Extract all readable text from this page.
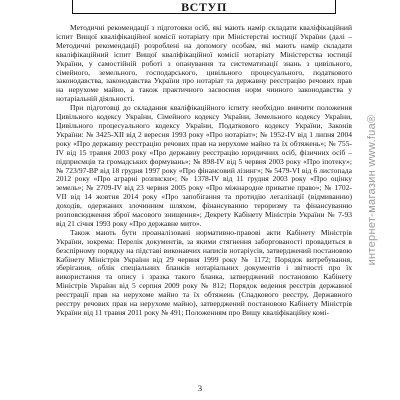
ВСТУП

Методичні рекомендації з підготовки осіб, які мають намір складати кваліфікаційний іспит Вищої кваліфікаційної комісії нотаріату при Міністерстві юстиції України (далі – Методичні рекомендації) розроблені на допомогу особам, які мають намір складати кваліфікаційний іспит Вищої кваліфікаційної комісії нотаріату Міністерства юстиції України, у самостійній роботі з опанування та систематизації знань з цивільного, сімейного, земельного, господарського, цивільного процесуального, податкового законодавства, законодавства України про нотаріат та державну реєстрацію речових прав на нерухоме майно, а також практичного засвоєння норм чинного законодавства у нотаріальній діяльності.

При підготовці до складання кваліфікаційного іспиту необхідно вивчити положення Цивільного кодексу України, Сімейного кодексу України, Земельного кодексу України, Цивільного процесуального кодексу України, Податкового кодексу України, Законів України: № 3425-XII від 2 вересня 1993 року «Про нотаріат»; № 1952-IV від 1 липня 2004 року «Про державну реєстрацію речових прав на нерухоме майно та їх обтяжень»; № 755-IV від 15 травня 2003 року «Про державну реєстрацію юридичних осіб, фізичних осіб – підприємців та громадських формувань»; № 898-IV від 5 червня 2003 року «Про іпотеку»; № 723/97-ВР від 18 грудня 1997 року «Про фінансовий лізинг»; № 5479-VI від 6 листопада 2012 року «Про аграрні розписки»; № 1378-IV від 11 грудня 2003 року «Про оцінку земель»; № 2709-IV від 23 червня 2005 року «Про міжнародне приватне право»; № 1702-VII від 14 жовтня 2014 року «Про запобігання та протидію легалізації (відмиванню) доходів, одержаних злочинним шляхом, фінансуванню тероризму та фінансуванню розповсюдження зброї масового знищення»; Декрету Кабінету Міністрів України № 7-93 від 21 січня 1993 року «Про державне мито».

Також мають бути проаналізовані нормативно-правові акти Кабінету Міністрів України, зокрема: Перелік документів, за якими стягнення заборгованості провадиться в безспірному порядку на підставі виконавчих написів нотаріусів, затверджений постановою Кабінету Міністрів України від 29 червня 1999 року № 1172; Порядок витребування, зберігання, облік спеціальних бланків нотаріальних документів і звітності про їх використання та опису і зразка такого бланка, затверджений постановою Кабінету Міністрів України від 5 серпня 2009 року № 812; Порядок ведення реєстрів державної реєстрації прав на нерухоме майно та їх обтяжень (Спадкового реєстру, Державного реєстру речових прав на нерухоме майно), затверджений постановою Кабінету Міністрів України від 11 травня 2011 року № 491; Положенням про Вищу кваліфікаційну комі-

3
интернет-магазин www.fuа®
